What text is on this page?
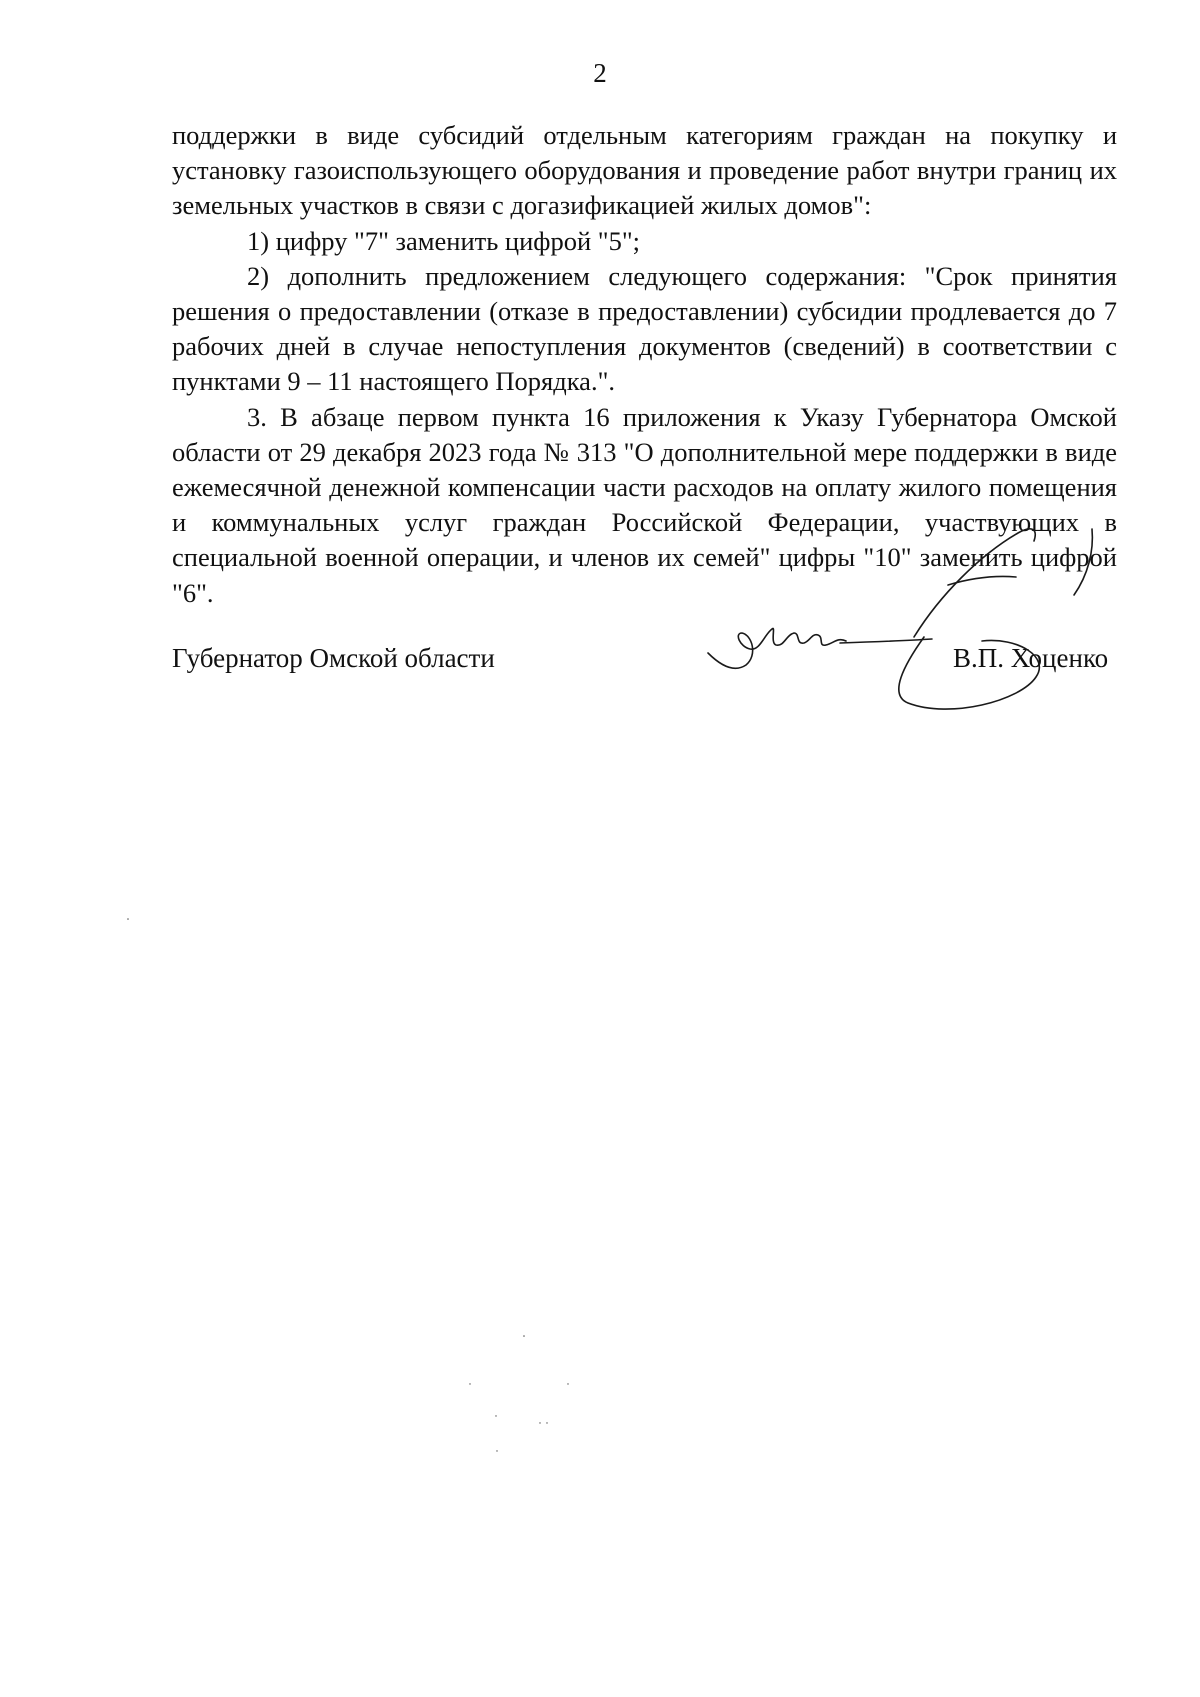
2

поддержки в виде субсидий отдельным категориям граждан на покупку и установку газоиспользующего оборудования и проведение работ внутри границ их земельных участков в связи с догазификацией жилых домов":

1) цифру "7" заменить цифрой "5";

2) дополнить предложением следующего содержания: "Срок принятия решения о предоставлении (отказе в предоставлении) субсидии продлевается до 7 рабочих дней в случае непоступления документов (сведений) в соответствии с пунктами 9 – 11 настоящего Порядка.".

3. В абзаце первом пункта 16 приложения к Указу Губернатора Омской области от 29 декабря 2023 года № 313 "О дополнительной мере поддержки в виде ежемесячной денежной компенсации части расходов на оплату жилого помещения и коммунальных услуг граждан Российской Федерации, участвующих в специальной военной операции, и членов их семей" цифры "10" заменить цифрой "6".

Губернатор Омской области	В.П. Хоценко
